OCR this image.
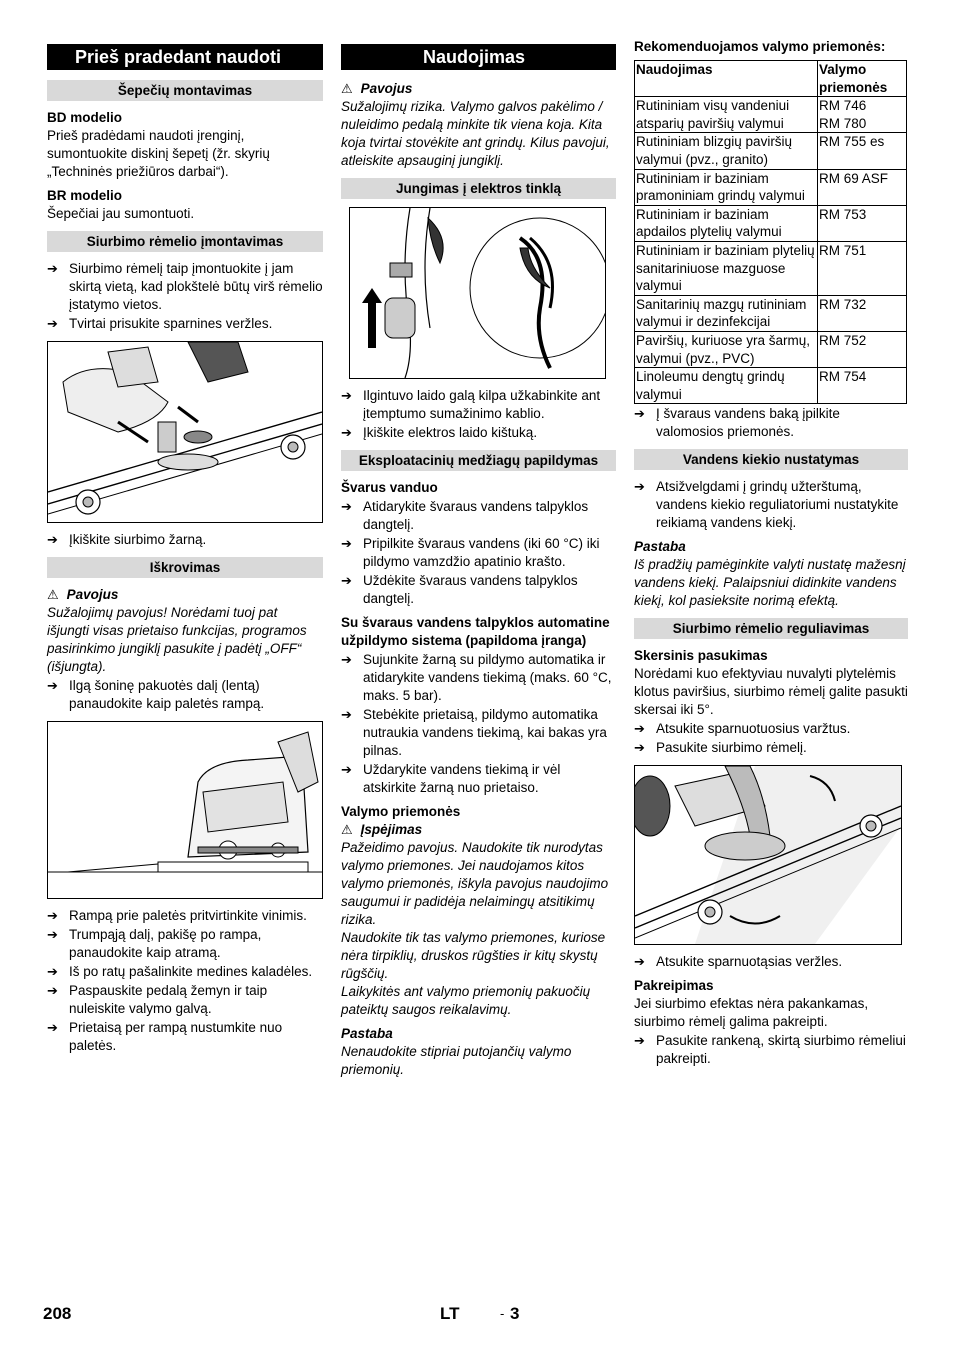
Prieš pradedant naudoti
Šepečių montavimas
BD modelio

Prieš pradėdami naudoti įrenginį, sumontuokite diskinį šepetį (žr. skyrių „Techninės priežiūros darbai“).

BR modelio

Šepečiai jau sumontuoti.

Siurbimo rėmelio įmontavimas
➔ Siurbimo rėmelį taip įmontuokite į jam skirtą vietą, kad plokštelė būtų virš rėmelio įstatymo vietos.
➔ Tvirtai prisukite sparnines veržles.
➔ Įkiškite siurbimo žarną.
Iškrovimas
⚠ Pavojus

Sužalojimų pavojus! Norėdami tuoj pat išjungti visas prietaiso funkcijas, programos pasirinkimo jungiklį pasukite į padėtį „OFF“ (išjungta).

➔ Ilgą šoninę pakuotės dalį (lentą) panaudokite kaip paletės rampą.
➔ Rampą prie paletės pritvirtinkite vinimis.
➔ Trumpąją dalį, pakišę po rampa, panaudokite kaip atramą.
➔ Iš po ratų pašalinkite medines kaladėles.
➔ Paspauskite pedalą žemyn ir taip nuleiskite valymo galvą.
➔ Prietaisą per rampą nustumkite nuo paletės.
Naudojimas
⚠ Pavojus

Sužalojimų rizika. Valymo galvos pakėlimo / nuleidimo pedalą minkite tik viena koja. Kita koja tvirtai stovėkite ant grindų. Kilus pavojui, atleiskite apsauginį jungiklį.

Jungimas į elektros tinklą
➔ Ilgintuvo laido galą kilpa užkabinkite ant įtemptumo sumažinimo kablio.
➔ Įkiškite elektros laido kištuką.
Eksploatacinių medžiagų papildymas
Švarus vanduo
➔ Atidarykite švaraus vandens talpyklos dangtelį.
➔ Pripilkite švaraus vandens (iki 60 °C) iki pildymo vamzdžio apatinio krašto.
➔ Uždėkite švaraus vandens talpyklos dangtelį.
Su švaraus vandens talpyklos automatine užpildymo sistema (papildoma įranga)
➔ Sujunkite žarną su pildymo automatika ir atidarykite vandens tiekimą (maks. 60 °C, maks. 5 bar).
➔ Stebėkite prietaisą, pildymo automatika nutraukia vandens tiekimą, kai bakas yra pilnas.
➔ Uždarykite vandens tiekimą ir vėl atskirkite žarną nuo prietaiso.
Valymo priemonės
⚠ Įspėjimas

Pažeidimo pavojus. Naudokite tik nurodytas valymo priemones. Jei naudojamos kitos valymo priemonės, iškyla pavojus naudojimo saugumui ir padidėja nelaimingų atsitikimų rizika.

Naudokite tik tas valymo priemones, kuriose nėra tirpiklių, druskos rūgšties ir kitų skystų rūgščių.

Laikykitės ant valymo priemonių pakuočių pateiktų saugos reikalavimų.

Pastaba

Nenaudokite stipriai putojančių valymo priemonių.

Rekomenduojamos valymo priemonės:
Naudojimas	Valymo priemonės
Rutininiam visų vandeniui atsparių paviršių valymui	RM 746
RM 780
Rutininiam blizgių paviršių valymui (pvz., granito)	RM 755 es
Rutininiam ir baziniam pramoniniam grindų valymui	RM 69 ASF
Rutininiam ir baziniam apdailos plytelių valymui	RM 753
Rutininiam ir baziniam plytelių sanitariniuose mazguose valymui	RM 751
Sanitarinių mazgų rutininiam valymui ir dezinfekcijai	RM 732
Paviršių, kuriuose yra šarmų, valymui (pvz., PVC)	RM 752
Linoleumu dengtų grindų valymui	RM 754
➔ Į švaraus vandens baką įpilkite valomosios priemonės.
Vandens kiekio nustatymas
➔ Atsižvelgdami į grindų užterštumą, vandens kiekio reguliatoriumi nustatykite reikiamą vandens kiekį.
Pastaba

Iš pradžių pamėginkite valyti nustatę mažesnį vandens kiekį. Palaipsniui didinkite vandens kiekį, kol pasieksite norimą efektą.

Siurbimo rėmelio reguliavimas
Skersinis pasukimas

Norėdami kuo efektyviau nuvalyti plytelėmis klotus paviršius, siurbimo rėmelį galite pasukti skersai iki 5°.

➔ Atsukite sparnuotuosius varžtus.
➔ Pasukite siurbimo rėmelį.
➔ Atsukite sparnuotąsias veržles.
Pakreipimas

Jei siurbimo efektas nėra pakankamas, siurbimo rėmelį galima pakreipti.

➔ Pasukite rankeną, skirtą siurbimo rėmeliui pakreipti.
208	LT	- 3
